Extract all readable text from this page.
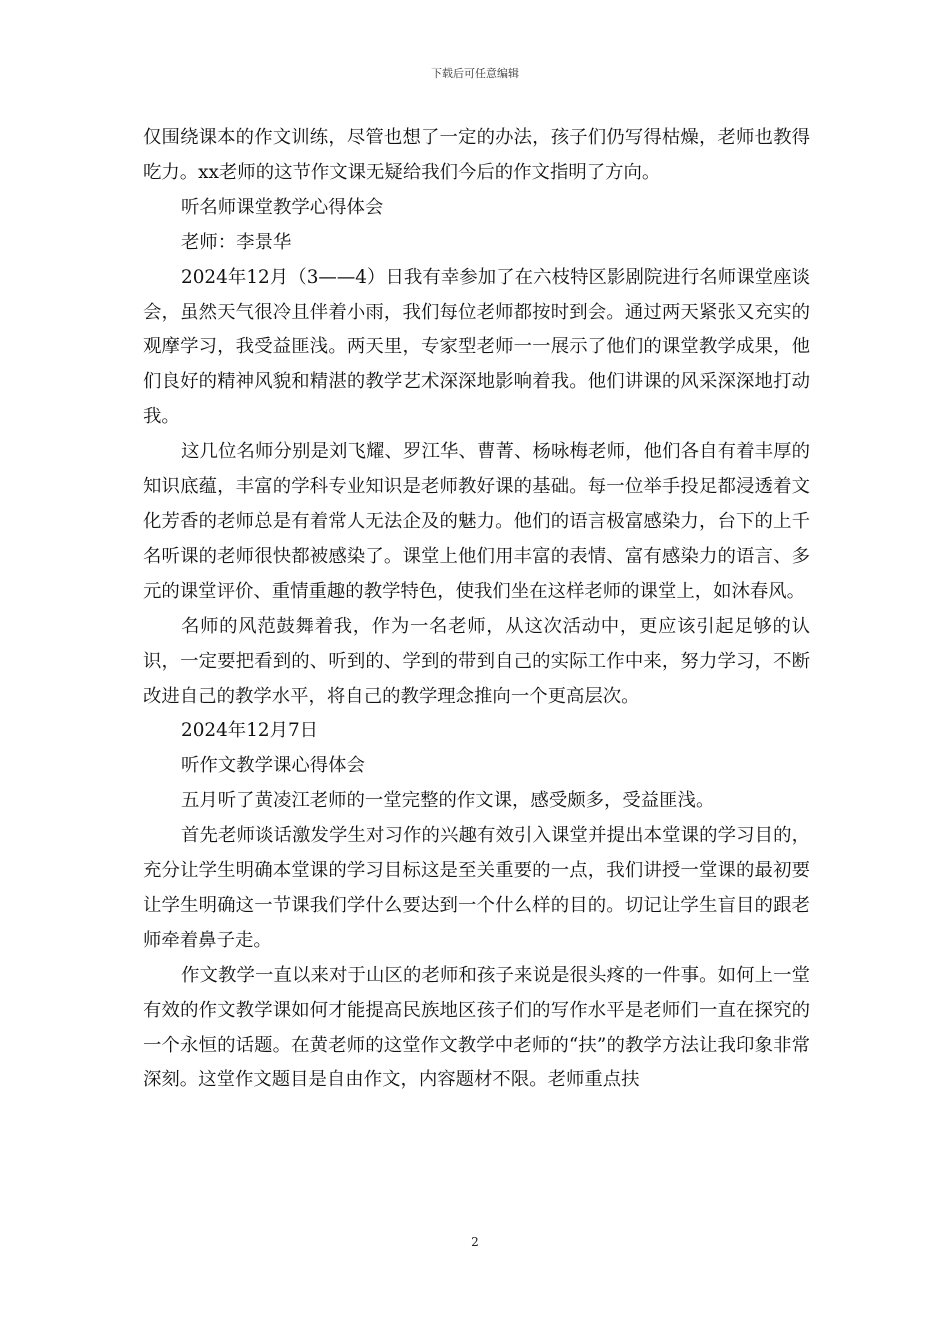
下载后可任意编辑

仅围绕课本的作文训练，尽管也想了一定的办法，孩子们仍写得枯燥，老师也教得吃力。xx老师的这节作文课无疑给我们今后的作文指明了方向。

听名师课堂教学心得体会

老师：李景华

2024年12月（3——4）日我有幸参加了在六枝特区影剧院进行名师课堂座谈会，虽然天气很冷且伴着小雨，我们每位老师都按时到会。通过两天紧张又充实的观摩学习，我受益匪浅。两天里，专家型老师一一展示了他们的课堂教学成果，他们良好的精神风貌和精湛的教学艺术深深地影响着我。他们讲课的风采深深地打动我。

这几位名师分别是刘飞耀、罗江华、曹菁、杨咏梅老师，他们各自有着丰厚的知识底蕴，丰富的学科专业知识是老师教好课的基础。每一位举手投足都浸透着文化芳香的老师总是有着常人无法企及的魅力。他们的语言极富感染力，台下的上千名听课的老师很快都被感染了。课堂上他们用丰富的表情、富有感染力的语言、多元的课堂评价、重情重趣的教学特色，使我们坐在这样老师的课堂上，如沐春风。

名师的风范鼓舞着我，作为一名老师，从这次活动中，更应该引起足够的认识，一定要把看到的、听到的、学到的带到自己的实际工作中来，努力学习，不断改进自己的教学水平，将自己的教学理念推向一个更高层次。

2024年12月7日

听作文教学课心得体会

五月听了黄凌江老师的一堂完整的作文课，感受颇多，受益匪浅。

首先老师谈话激发学生对习作的兴趣有效引入课堂并提出本堂课的学习目的，充分让学生明确本堂课的学习目标这是至关重要的一点，我们讲授一堂课的最初要让学生明确这一节课我们学什么要达到一个什么样的目的。切记让学生盲目的跟老师牵着鼻子走。

作文教学一直以来对于山区的老师和孩子来说是很头疼的一件事。如何上一堂有效的作文教学课如何才能提高民族地区孩子们的写作水平是老师们一直在探究的一个永恒的话题。在黄老师的这堂作文教学中老师的“扶”的教学方法让我印象非常深刻。这堂作文题目是自由作文，内容题材不限。老师重点扶

2
